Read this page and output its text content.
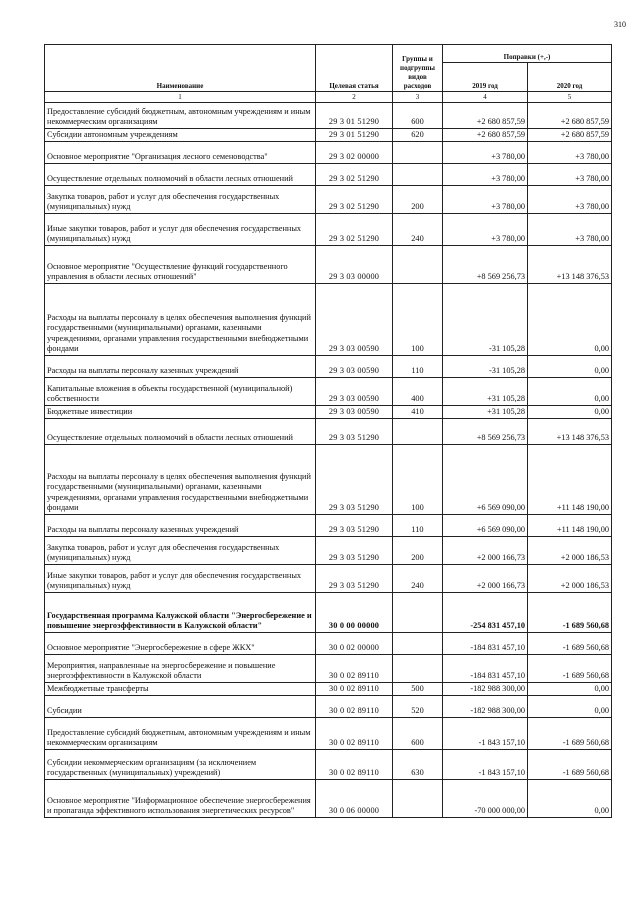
310
Наименование	Целевая статья	Группы и подгруппы видов расходов	Поправки (+,-)	
			2019 год	2020 год
1	2	3	4	5
Предоставление субсидий бюджетным, автономным учреждениям и иным некоммерческим организациям	29 3 01 51290	600	+2 680 857,59	+2 680 857,59
Субсидии автономным учреждениям	29 3 01 51290	620	+2 680 857,59	+2 680 857,59
Основное мероприятие "Организация лесного семеноводства"	29 3 02 00000		+3 780,00	+3 780,00
Осуществление отдельных полномочий в области лесных отношений	29 3 02 51290		+3 780,00	+3 780,00
Закупка товаров, работ и услуг для обеспечения государственных (муниципальных) нужд	29 3 02 51290	200	+3 780,00	+3 780,00
Иные закупки товаров, работ и услуг для обеспечения государственных (муниципальных) нужд	29 3 02 51290	240	+3 780,00	+3 780,00
Основное мероприятие "Осуществление функций государственного управления в области лесных отношений"	29 3 03 00000		+8 569 256,73	+13 148 376,53
Расходы на выплаты персоналу в целях обеспечения выполнения функций государственными (муниципальными) органами, казенными учреждениями, органами управления государственными внебюджетными фондами	29 3 03 00590	100	-31 105,28	0,00
Расходы на выплаты персоналу казенных учреждений	29 3 03 00590	110	-31 105,28	0,00
Капитальные вложения в объекты государственной (муниципальной) собственности	29 3 03 00590	400	+31 105,28	0,00
Бюджетные инвестиции	29 3 03 00590	410	+31 105,28	0,00
Осуществление отдельных полномочий в области лесных отношений	29 3 03 51290		+8 569 256,73	+13 148 376,53
Расходы на выплаты персоналу в целях обеспечения выполнения функций государственными (муниципальными) органами, казенными учреждениями, органами управления государственными внебюджетными фондами	29 3 03 51290	100	+6 569 090,00	+11 148 190,00
Расходы на выплаты персоналу казенных учреждений	29 3 03 51290	110	+6 569 090,00	+11 148 190,00
Закупка товаров, работ и услуг для обеспечения государственных (муниципальных) нужд	29 3 03 51290	200	+2 000 166,73	+2 000 186,53
Иные закупки товаров, работ и услуг для обеспечения государственных (муниципальных) нужд	29 3 03 51290	240	+2 000 166,73	+2 000 186,53
Государственная программа Калужской области "Энергосбережение и повышение энергоэффективности в Калужской области"	30 0 00 00000		-254 831 457,10	-1 689 560,68
Основное мероприятие "Энергосбережение в сфере ЖКХ"	30 0 02 00000		-184 831 457,10	-1 689 560,68
Мероприятия, направленные на энергосбережение и повышение энергоэффективности в Калужской области	30 0 02 89110		-184 831 457,10	-1 689 560,68
Межбюджетные трансферты	30 0 02 89110	500	-182 988 300,00	0,00
Субсидии	30 0 02 89110	520	-182 988 300,00	0,00
Предоставление субсидий бюджетным, автономным учреждениям и иным некоммерческим организациям	30 0 02 89110	600	-1 843 157,10	-1 689 560,68
Субсидии некоммерческим организациям (за исключением государственных (муниципальных) учреждений)	30 0 02 89110	630	-1 843 157,10	-1 689 560,68
Основное мероприятие "Информационное обеспечение энергосбережения и пропаганда эффективного использования энергетических ресурсов"	30 0 06 00000		-70 000 000,00	0,00
